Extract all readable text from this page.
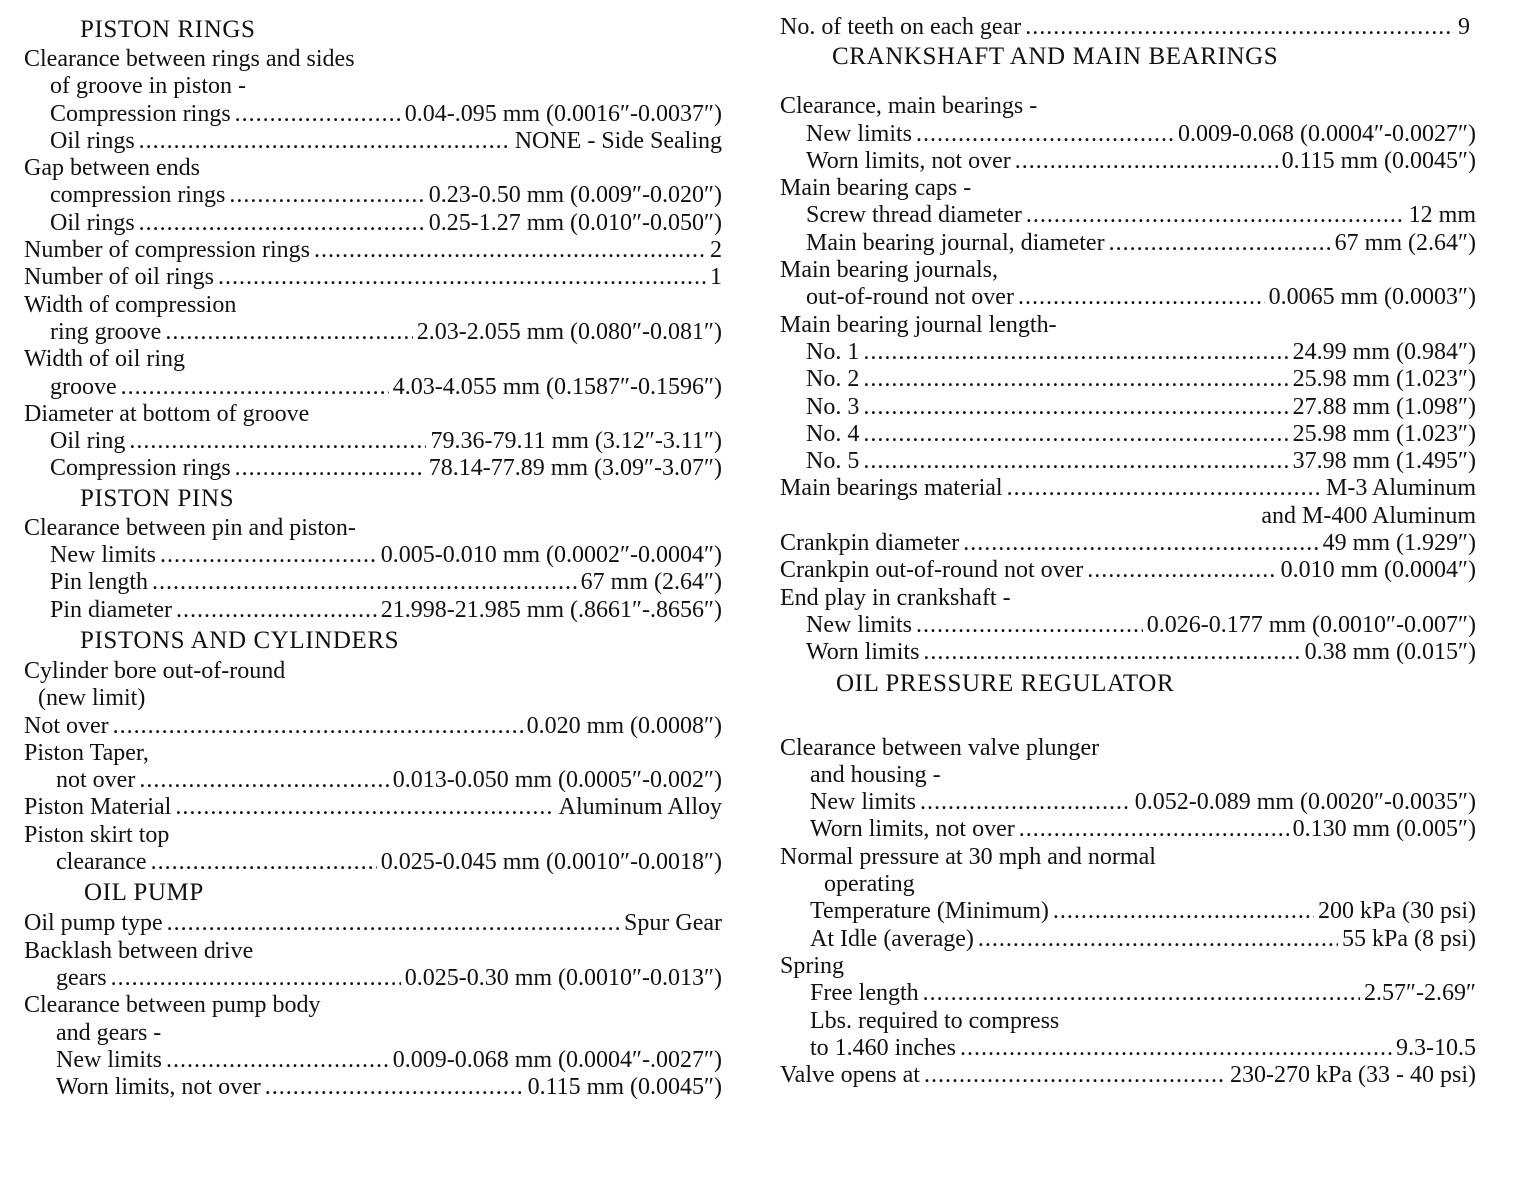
PISTON RINGS
Clearance between rings and sides
of groove in piston -
Compression rings .....	0.04-.095 mm (0.0016″-0.0037″)
Oil rings .....	NONE - Side Sealing
Gap between ends
compression rings .....	0.23-0.50 mm (0.009″-0.020″)
Oil rings .....	0.25-1.27 mm (0.010″-0.050″)
Number of compression rings .....	2
Number of oil rings .....	1
Width of compression
ring groove .....	2.03-2.055 mm (0.080″-0.081″)
Width of oil ring
groove .....	4.03-4.055 mm (0.1587″-0.1596″)
Diameter at bottom of groove
Oil ring .....	79.36-79.11 mm (3.12″-3.11″)
Compression rings .....	78.14-77.89 mm (3.09″-3.07″)
PISTON PINS
Clearance between pin and piston-
New limits .....	0.005-0.010 mm (0.0002″-0.0004″)
Pin length .....	67 mm (2.64″)
Pin diameter .....	21.998-21.985 mm (.8661″-.8656″)
PISTONS AND CYLINDERS
Cylinder bore out-of-round
(new limit)
Not over .....	0.020 mm (0.0008″)
Piston Taper,
not over .....	0.013-0.050 mm (0.0005″-0.002″)
Piston Material .....	Aluminum Alloy
Piston skirt top
clearance .....	0.025-0.045 mm (0.0010″-0.0018″)
OIL PUMP
Oil pump type .....	Spur Gear
Backlash between drive
gears .....	0.025-0.30 mm (0.0010″-0.013″)
Clearance between pump body
and gears -
New limits .....	0.009-0.068 mm (0.0004″-.0027″)
Worn limits, not over .....	0.115 mm (0.0045″)
No. of teeth on each gear .....	9
CRANKSHAFT AND MAIN BEARINGS
Clearance, main bearings -
New limits .....	0.009-0.068 (0.0004″-0.0027″)
Worn limits, not over .....	0.115 mm (0.0045″)
Main bearing caps -
Screw thread diameter .....	12 mm
Main bearing journal, diameter .....	67 mm (2.64″)
Main bearing journals,
out-of-round not over .....	0.0065 mm (0.0003″)
Main bearing journal length-
No. 1 .....	24.99 mm (0.984″)
No. 2 .....	25.98 mm (1.023″)
No. 3 .....	27.88 mm (1.098″)
No. 4 .....	25.98 mm (1.023″)
No. 5 .....	37.98 mm (1.495″)
Main bearings material .....	M-3 Aluminum
and M-400 Aluminum
Crankpin diameter .....	49 mm (1.929″)
Crankpin out-of-round not over .....	0.010 mm (0.0004″)
End play in crankshaft -
New limits .....	0.026-0.177 mm (0.0010″-0.007″)
Worn limits .....	0.38 mm (0.015″)
OIL PRESSURE REGULATOR
Clearance between valve plunger
and housing -
New limits .....	0.052-0.089 mm (0.0020″-0.0035″)
Worn limits, not over .....	0.130 mm (0.005″)
Normal pressure at 30 mph and normal
operating
Temperature (Minimum) .....	200 kPa (30 psi)
At Idle (average) .....	55 kPa (8 psi)
Spring
Free length .....	2.57″-2.69″
Lbs. required to compress
to 1.460 inches .....	9.3-10.5
Valve opens at .....	230-270 kPa (33 - 40 psi)
